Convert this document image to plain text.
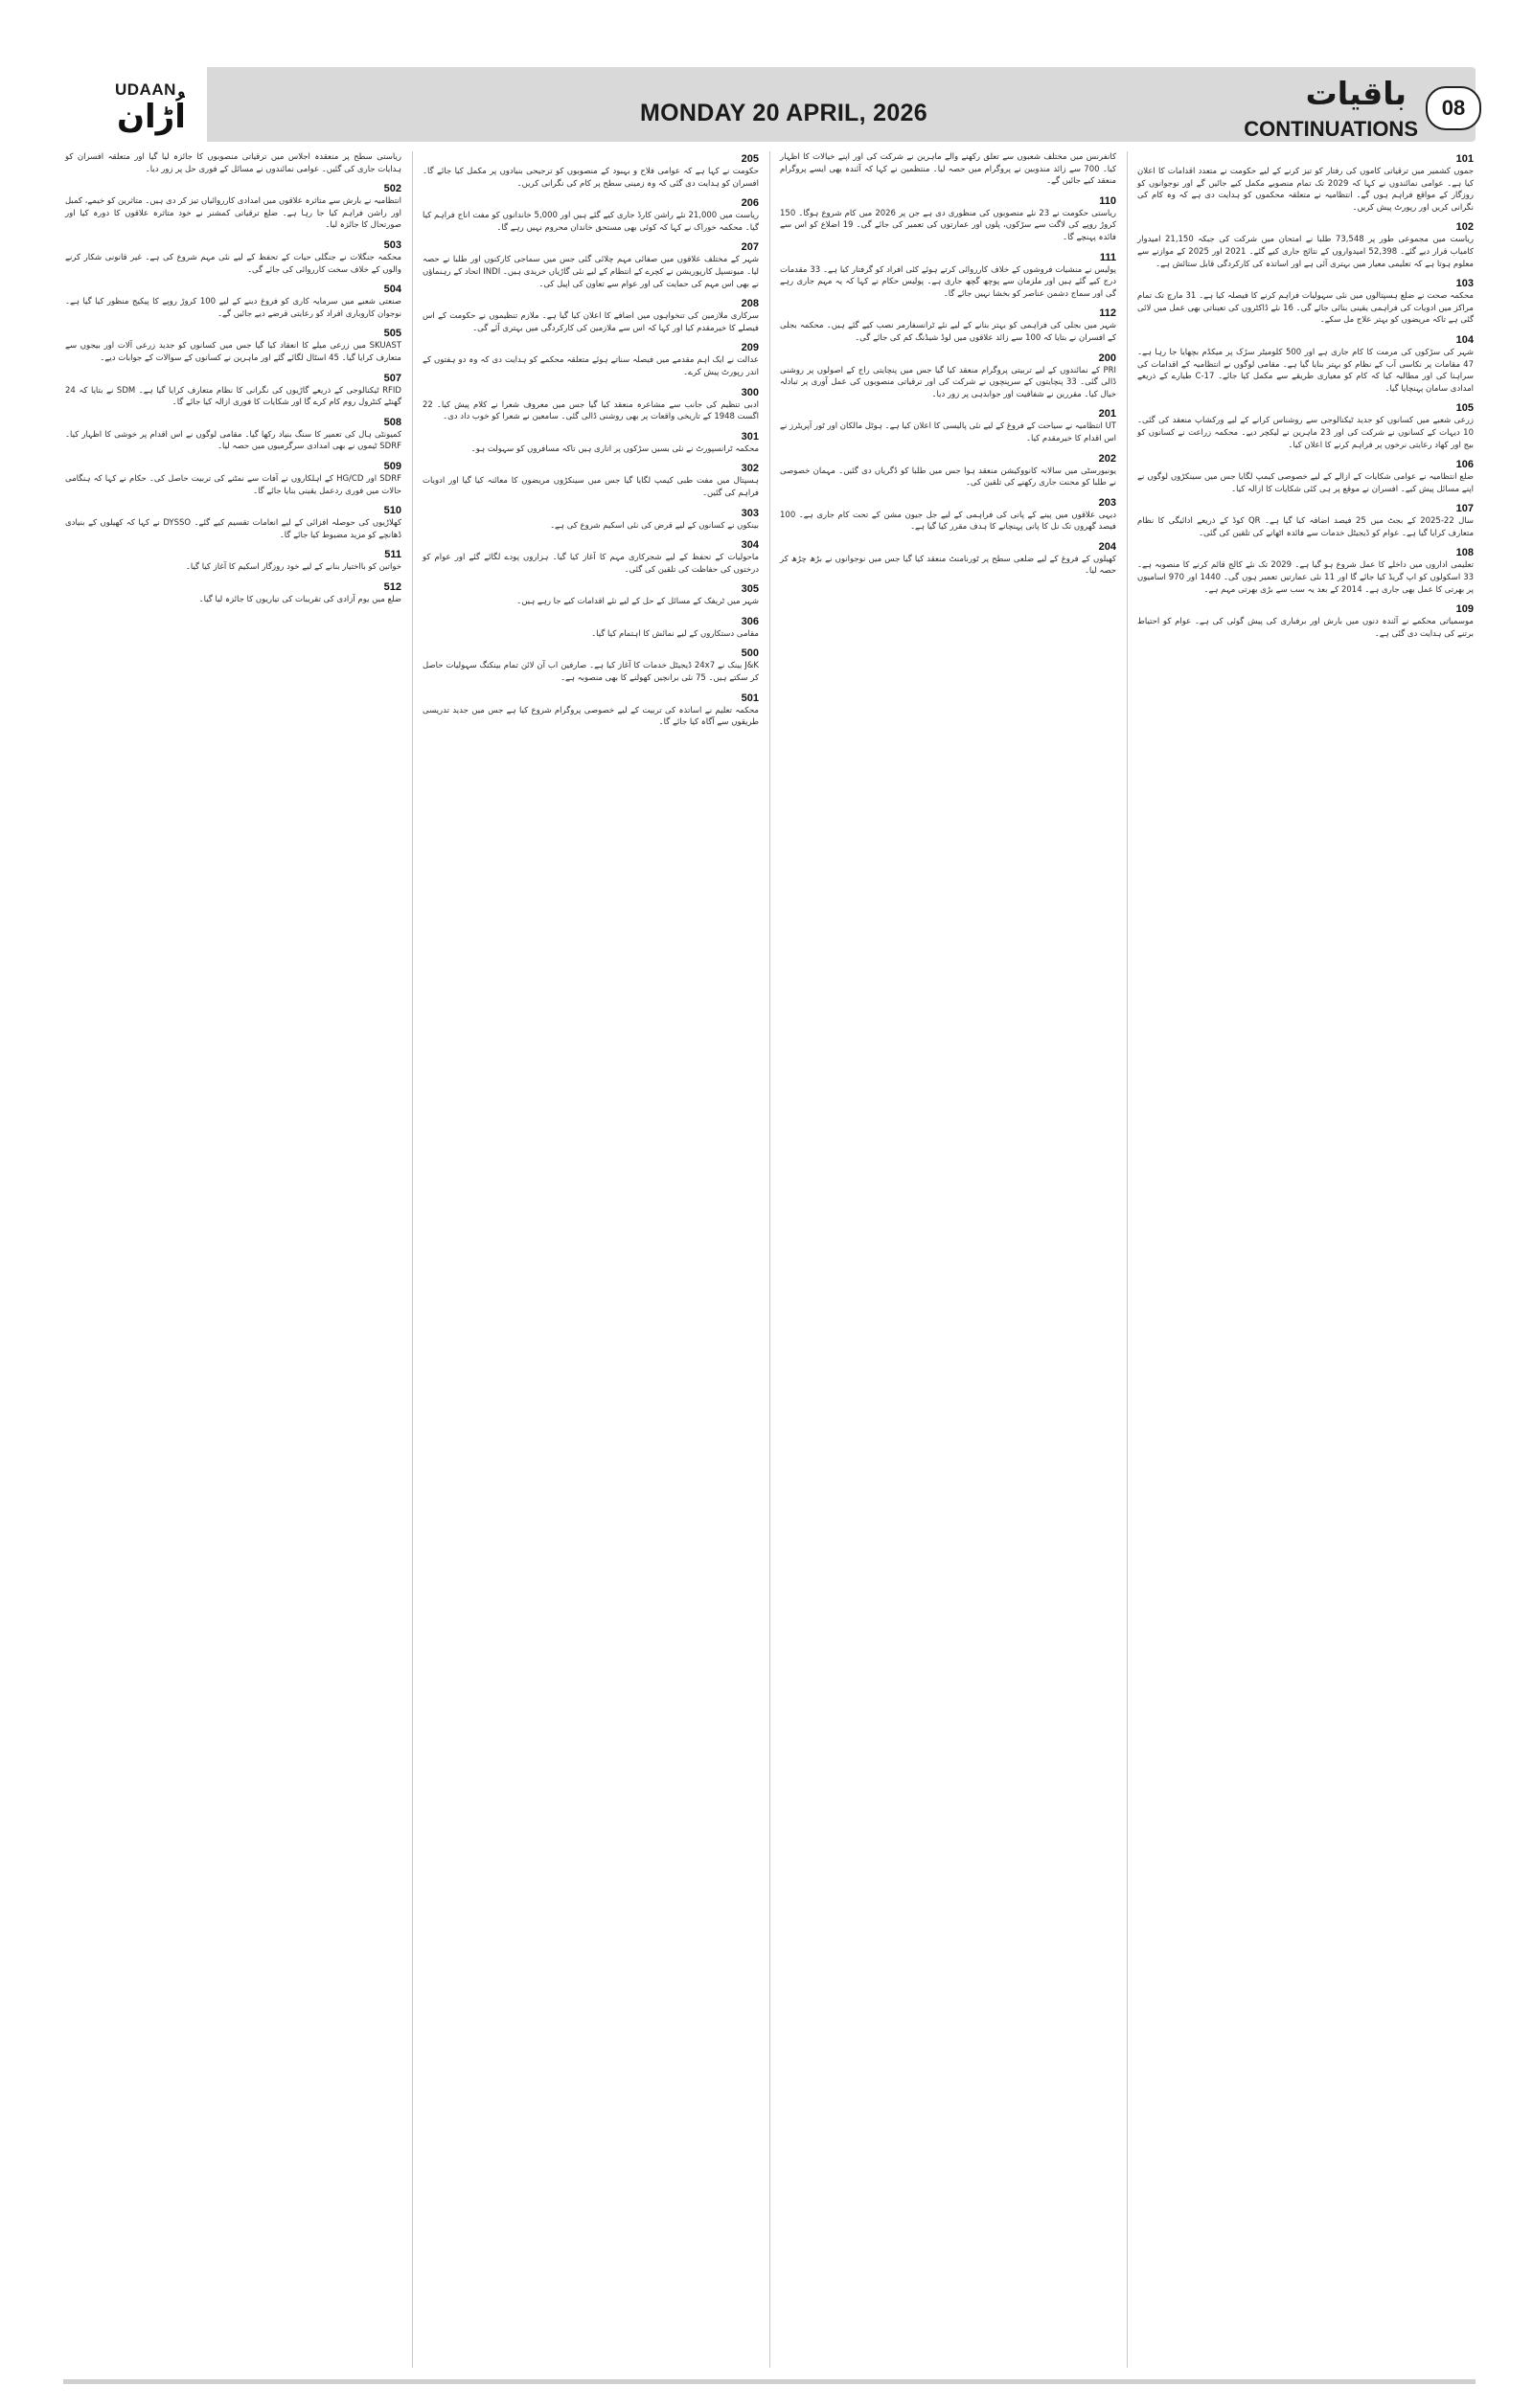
UDAAN
اُڑان	MONDAY 20 APRIL, 2026
باقیات
CONTINUATIONS
08
101
جموں کشمیر میں ترقیاتی کاموں کی رفتار کو تیز کرنے کے لیے حکومت نے متعدد اقدامات کا اعلان کیا ہے۔ عوامی نمائندوں نے کہا کہ 2029 تک تمام منصوبے مکمل کیے جائیں گے اور نوجوانوں کو روزگار کے مواقع فراہم ہوں گے۔ انتظامیہ نے متعلقہ محکموں کو ہدایت دی ہے کہ وہ کام کی نگرانی کریں اور رپورٹ پیش کریں۔
102
ریاست میں مجموعی طور پر 73,548 طلبا نے امتحان میں شرکت کی جبکہ 21,150 امیدوار کامیاب قرار دیے گئے۔ 52,398 امیدواروں کے نتائج جاری کیے گئے۔ 2021 اور 2025 کے موازنے سے معلوم ہوتا ہے کہ تعلیمی معیار میں بہتری آئی ہے اور اساتذہ کی کارکردگی قابل ستائش ہے۔
103
محکمہ صحت نے ضلع ہسپتالوں میں نئی سہولیات فراہم کرنے کا فیصلہ کیا ہے۔ 31 مارچ تک تمام مراکز میں ادویات کی فراہمی یقینی بنائی جائے گی۔ 16 نئے ڈاکٹروں کی تعیناتی بھی عمل میں لائی گئی ہے تاکہ مریضوں کو بہتر علاج مل سکے۔
104
شہر کی سڑکوں کی مرمت کا کام جاری ہے اور 500 کلومیٹر سڑک پر میکڈم بچھایا جا رہا ہے۔ 47 مقامات پر نکاسی آب کے نظام کو بہتر بنایا گیا ہے۔ مقامی لوگوں نے انتظامیہ کے اقدامات کی سراہنا کی اور مطالبہ کیا کہ کام کو معیاری طریقے سے مکمل کیا جائے۔ C-17 طیارے کے ذریعے امدادی سامان پہنچایا گیا۔
105
زرعی شعبے میں کسانوں کو جدید ٹیکنالوجی سے روشناس کرانے کے لیے ورکشاپ منعقد کی گئی۔ 10 دیہات کے کسانوں نے شرکت کی اور 23 ماہرین نے لیکچر دیے۔ محکمہ زراعت نے کسانوں کو بیج اور کھاد رعایتی نرخوں پر فراہم کرنے کا اعلان کیا۔
106
ضلع انتظامیہ نے عوامی شکایات کے ازالے کے لیے خصوصی کیمپ لگایا جس میں سینکڑوں لوگوں نے اپنے مسائل پیش کیے۔ افسران نے موقع پر ہی کئی شکایات کا ازالہ کیا۔
107
سال 22-2025 کے بجٹ میں 25 فیصد اضافہ کیا گیا ہے۔ QR کوڈ کے ذریعے ادائیگی کا نظام متعارف کرایا گیا ہے۔ عوام کو ڈیجیٹل خدمات سے فائدہ اٹھانے کی تلقین کی گئی۔
108
تعلیمی اداروں میں داخلے کا عمل شروع ہو گیا ہے۔ 2029 تک نئے کالج قائم کرنے کا منصوبہ ہے۔ 33 اسکولوں کو اپ گریڈ کیا جائے گا اور 11 نئی عمارتیں تعمیر ہوں گی۔ 1440 اور 970 اسامیوں پر بھرتی کا عمل بھی جاری ہے۔ 2014 کے بعد یہ سب سے بڑی بھرتی مہم ہے۔
109
موسمیاتی محکمے نے آئندہ دنوں میں بارش اور برفباری کی پیش گوئی کی ہے۔ عوام کو احتیاط برتنے کی ہدایت دی گئی ہے۔
کانفرنس میں مختلف شعبوں سے تعلق رکھنے والے ماہرین نے شرکت کی اور اپنے خیالات کا اظہار کیا۔ 700 سے زائد مندوبین نے پروگرام میں حصہ لیا۔ منتظمین نے کہا کہ آئندہ بھی ایسے پروگرام منعقد کیے جائیں گے۔
110
ریاستی حکومت نے 23 نئے منصوبوں کی منظوری دی ہے جن پر 2026 میں کام شروع ہوگا۔ 150 کروڑ روپے کی لاگت سے سڑکوں، پلوں اور عمارتوں کی تعمیر کی جائے گی۔ 19 اضلاع کو اس سے فائدہ پہنچے گا۔
111
پولیس نے منشیات فروشوں کے خلاف کارروائی کرتے ہوئے کئی افراد کو گرفتار کیا ہے۔ 33 مقدمات درج کیے گئے ہیں اور ملزمان سے پوچھ گچھ جاری ہے۔ پولیس حکام نے کہا کہ یہ مہم جاری رہے گی اور سماج دشمن عناصر کو بخشا نہیں جائے گا۔
112
شہر میں بجلی کی فراہمی کو بہتر بنانے کے لیے نئے ٹرانسفارمر نصب کیے گئے ہیں۔ محکمہ بجلی کے افسران نے بتایا کہ 100 سے زائد علاقوں میں لوڈ شیڈنگ کم کی جائے گی۔
200
PRI کے نمائندوں کے لیے تربیتی پروگرام منعقد کیا گیا جس میں پنچایتی راج کے اصولوں پر روشنی ڈالی گئی۔ 33 پنچایتوں کے سرپنچوں نے شرکت کی اور ترقیاتی منصوبوں کی عمل آوری پر تبادلہ خیال کیا۔ مقررین نے شفافیت اور جوابدہی پر زور دیا۔
201
UT انتظامیہ نے سیاحت کے فروغ کے لیے نئی پالیسی کا اعلان کیا ہے۔ ہوٹل مالکان اور ٹور آپریٹرز نے اس اقدام کا خیرمقدم کیا۔
202
یونیورسٹی میں سالانہ کانووکیشن منعقد ہوا جس میں طلبا کو ڈگریاں دی گئیں۔ مہمان خصوصی نے طلبا کو محنت جاری رکھنے کی تلقین کی۔
203
دیہی علاقوں میں پینے کے پانی کی فراہمی کے لیے جل جیون مشن کے تحت کام جاری ہے۔ 100 فیصد گھروں تک نل کا پانی پہنچانے کا ہدف مقرر کیا گیا ہے۔
204
کھیلوں کے فروغ کے لیے ضلعی سطح پر ٹورنامنٹ منعقد کیا گیا جس میں نوجوانوں نے بڑھ چڑھ کر حصہ لیا۔
205
حکومت نے کہا ہے کہ عوامی فلاح و بہبود کے منصوبوں کو ترجیحی بنیادوں پر مکمل کیا جائے گا۔ افسران کو ہدایت دی گئی کہ وہ زمینی سطح پر کام کی نگرانی کریں۔
206
ریاست میں 21,000 نئے راشن کارڈ جاری کیے گئے ہیں اور 5,000 خاندانوں کو مفت اناج فراہم کیا گیا۔ محکمہ خوراک نے کہا کہ کوئی بھی مستحق خاندان محروم نہیں رہے گا۔
207
شہر کے مختلف علاقوں میں صفائی مہم چلائی گئی جس میں سماجی کارکنوں اور طلبا نے حصہ لیا۔ میونسپل کارپوریشن نے کچرے کے انتظام کے لیے نئی گاڑیاں خریدی ہیں۔ INDI اتحاد کے رہنماؤں نے بھی اس مہم کی حمایت کی اور عوام سے تعاون کی اپیل کی۔
208
سرکاری ملازمین کی تنخواہوں میں اضافے کا اعلان کیا گیا ہے۔ ملازم تنظیموں نے حکومت کے اس فیصلے کا خیرمقدم کیا اور کہا کہ اس سے ملازمین کی کارکردگی میں بہتری آئے گی۔
209
عدالت نے ایک اہم مقدمے میں فیصلہ سناتے ہوئے متعلقہ محکمے کو ہدایت دی کہ وہ دو ہفتوں کے اندر رپورٹ پیش کرے۔
300
ادبی تنظیم کی جانب سے مشاعرہ منعقد کیا گیا جس میں معروف شعرا نے کلام پیش کیا۔ 22 اگست 1948 کے تاریخی واقعات پر بھی روشنی ڈالی گئی۔ سامعین نے شعرا کو خوب داد دی۔
301
محکمہ ٹرانسپورٹ نے نئی بسیں سڑکوں پر اتاری ہیں تاکہ مسافروں کو سہولت ہو۔
302
ہسپتال میں مفت طبی کیمپ لگایا گیا جس میں سینکڑوں مریضوں کا معائنہ کیا گیا اور ادویات فراہم کی گئیں۔
303
بینکوں نے کسانوں کے لیے قرض کی نئی اسکیم شروع کی ہے۔
304
ماحولیات کے تحفظ کے لیے شجرکاری مہم کا آغاز کیا گیا۔ ہزاروں پودے لگائے گئے اور عوام کو درختوں کی حفاظت کی تلقین کی گئی۔
305
شہر میں ٹریفک کے مسائل کے حل کے لیے نئے اقدامات کیے جا رہے ہیں۔
306
مقامی دستکاروں کے لیے نمائش کا اہتمام کیا گیا۔
500
J&K بینک نے 24x7 ڈیجیٹل خدمات کا آغاز کیا ہے۔ صارفین اب آن لائن تمام بینکنگ سہولیات حاصل کر سکتے ہیں۔ 75 نئی برانچیں کھولنے کا بھی منصوبہ ہے۔
501
محکمہ تعلیم نے اساتذہ کی تربیت کے لیے خصوصی پروگرام شروع کیا ہے جس میں جدید تدریسی طریقوں سے آگاہ کیا جائے گا۔
ریاستی سطح پر منعقدہ اجلاس میں ترقیاتی منصوبوں کا جائزہ لیا گیا اور متعلقہ افسران کو ہدایات جاری کی گئیں۔ عوامی نمائندوں نے مسائل کے فوری حل پر زور دیا۔
502
انتظامیہ نے بارش سے متاثرہ علاقوں میں امدادی کارروائیاں تیز کر دی ہیں۔ متاثرین کو خیمے، کمبل اور راشن فراہم کیا جا رہا ہے۔ ضلع ترقیاتی کمشنر نے خود متاثرہ علاقوں کا دورہ کیا اور صورتحال کا جائزہ لیا۔
503
محکمہ جنگلات نے جنگلی حیات کے تحفظ کے لیے نئی مہم شروع کی ہے۔ غیر قانونی شکار کرنے والوں کے خلاف سخت کارروائی کی جائے گی۔
504
صنعتی شعبے میں سرمایہ کاری کو فروغ دینے کے لیے 100 کروڑ روپے کا پیکیج منظور کیا گیا ہے۔ نوجوان کاروباری افراد کو رعایتی قرضے دیے جائیں گے۔
505
SKUAST میں زرعی میلے کا انعقاد کیا گیا جس میں کسانوں کو جدید زرعی آلات اور بیجوں سے متعارف کرایا گیا۔ 45 اسٹال لگائے گئے اور ماہرین نے کسانوں کے سوالات کے جوابات دیے۔
507
RFID ٹیکنالوجی کے ذریعے گاڑیوں کی نگرانی کا نظام متعارف کرایا گیا ہے۔ SDM نے بتایا کہ 24 گھنٹے کنٹرول روم کام کرے گا اور شکایات کا فوری ازالہ کیا جائے گا۔
508
کمیونٹی ہال کی تعمیر کا سنگ بنیاد رکھا گیا۔ مقامی لوگوں نے اس اقدام پر خوشی کا اظہار کیا۔ SDRF ٹیموں نے بھی امدادی سرگرمیوں میں حصہ لیا۔
509
SDRF اور HG/CD کے اہلکاروں نے آفات سے نمٹنے کی تربیت حاصل کی۔ حکام نے کہا کہ ہنگامی حالات میں فوری ردعمل یقینی بنایا جائے گا۔
510
کھلاڑیوں کی حوصلہ افزائی کے لیے انعامات تقسیم کیے گئے۔ DYSSO نے کہا کہ کھیلوں کے بنیادی ڈھانچے کو مزید مضبوط کیا جائے گا۔
511
خواتین کو بااختیار بنانے کے لیے خود روزگار اسکیم کا آغاز کیا گیا۔
512
ضلع میں یوم آزادی کی تقریبات کی تیاریوں کا جائزہ لیا گیا۔
